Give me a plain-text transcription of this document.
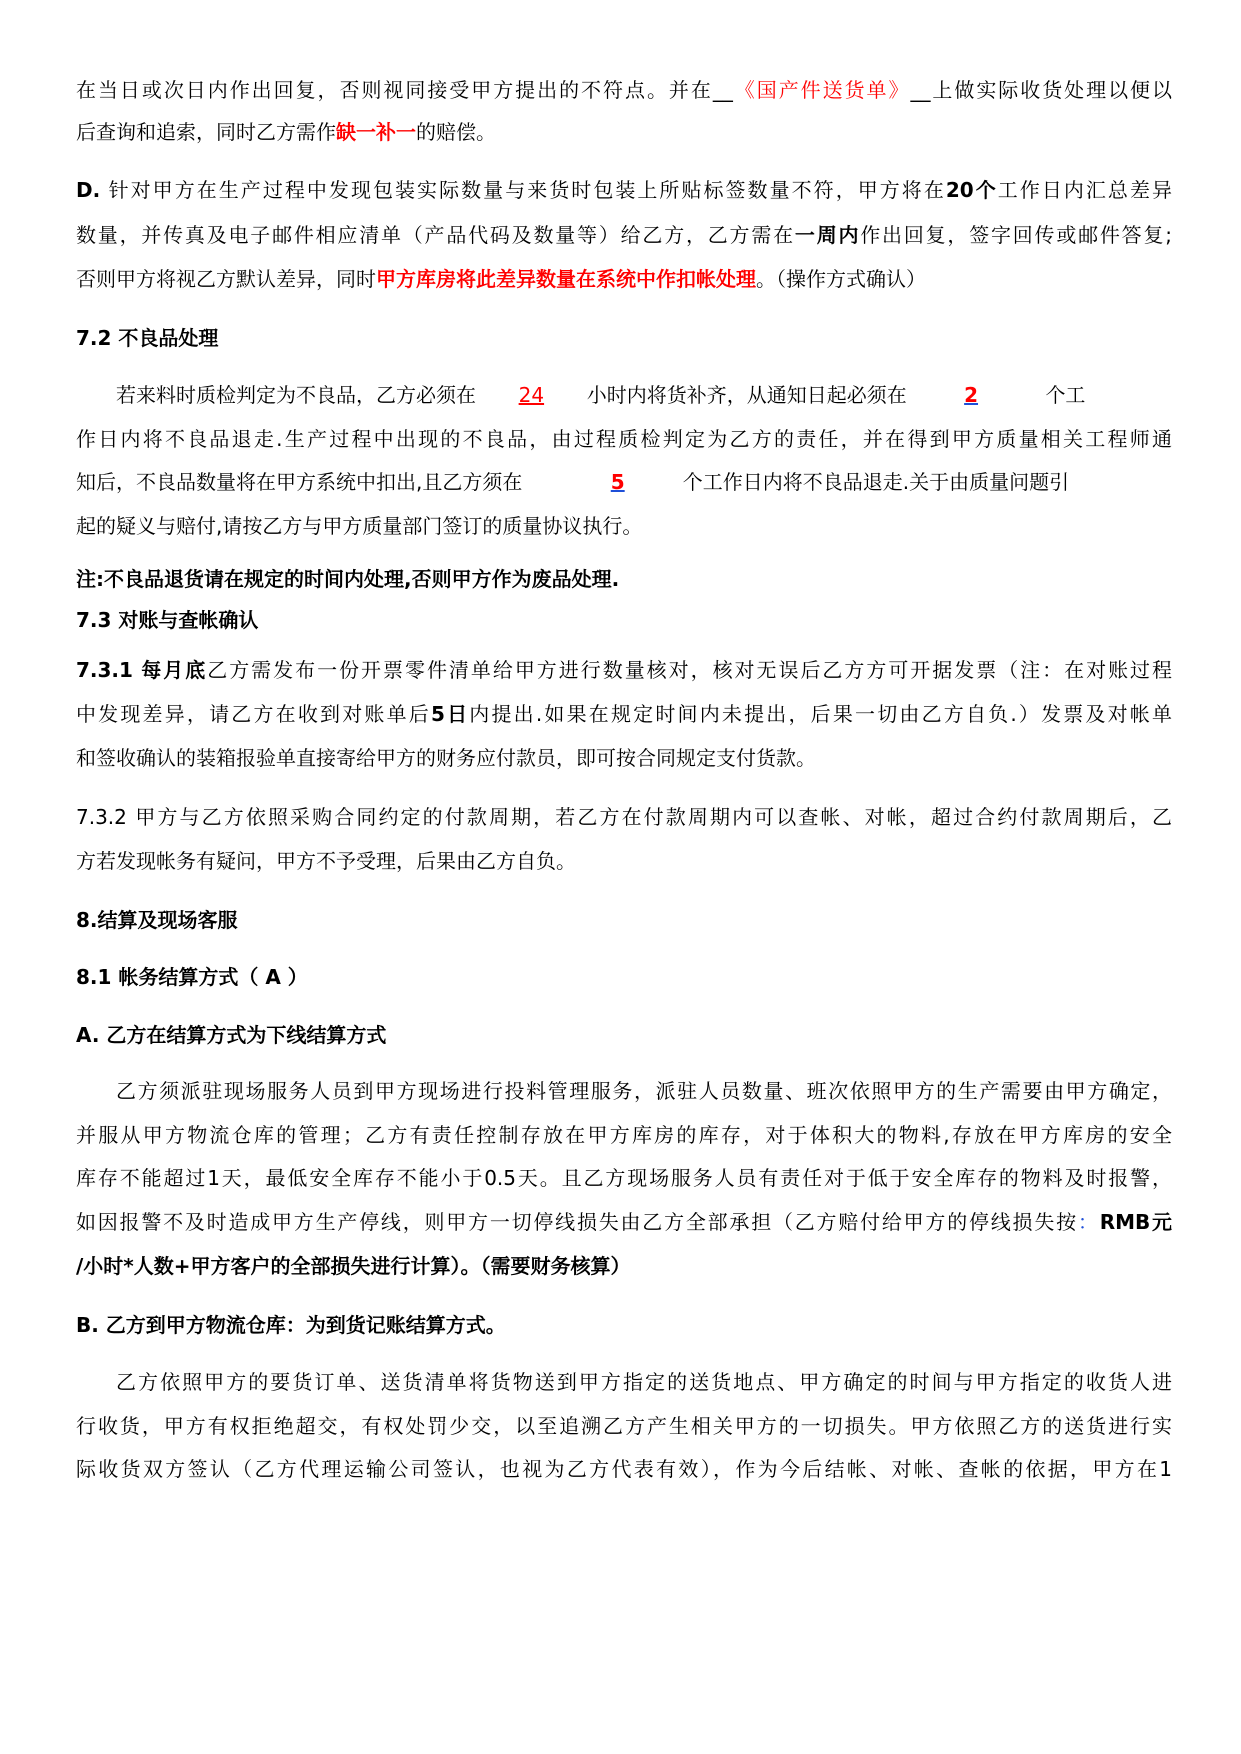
在当日或次日内作出回复，否则视同接受甲方提出的不符点。并在__《国产件送货单》__上做实际收货处理以便以
后查询和追索，同时乙方需作缺一补一的赔偿。
D. 针对甲方在生产过程中发现包装实际数量与来货时包装上所贴标签数量不符，甲方将在20个工作日内汇总差异
数量，并传真及电子邮件相应清单（产品代码及数量等）给乙方，乙方需在一周内作出回复，签字回传或邮件答复;
否则甲方将视乙方默认差异，同时甲方库房将此差异数量在系统中作扣帐处理。（操作方式确认）
7.2 不良品处理
若来料时质检判定为不良品，乙方必须在 24 小时内将货补齐，从通知日起必须在	2	个工
作日内将不良品退走.生产过程中出现的不良品，由过程质检判定为乙方的责任，并在得到甲方质量相关工程师通
知后，不良品数量将在甲方系统中扣出,且乙方须在	5	个工作日内将不良品退走.关于由质量问题引
起的疑义与赔付,请按乙方与甲方质量部门签订的质量协议执行。
注:不良品退货请在规定的时间内处理,否则甲方作为废品处理.
7.3 对账与查帐确认
7.3.1 每月底乙方需发布一份开票零件清单给甲方进行数量核对，核对无误后乙方方可开据发票（注：在对账过程
中发现差异，请乙方在收到对账单后5日内提出.如果在规定时间内未提出，后果一切由乙方自负.）发票及对帐单
和签收确认的装箱报验单直接寄给甲方的财务应付款员，即可按合同规定支付货款。
7.3.2 甲方与乙方依照采购合同约定的付款周期，若乙方在付款周期内可以查帐、对帐，超过合约付款周期后，乙
方若发现帐务有疑问，甲方不予受理，后果由乙方自负。
8.结算及现场客服
8.1 帐务结算方式（ A ）
A. 乙方在结算方式为下线结算方式
乙方须派驻现场服务人员到甲方现场进行投料管理服务，派驻人员数量、班次依照甲方的生产需要由甲方确定，
并服从甲方物流仓库的管理；乙方有责任控制存放在甲方库房的库存，对于体积大的物料,存放在甲方库房的安全
库存不能超过1天，最低安全库存不能小于0.5天。且乙方现场服务人员有责任对于低于安全库存的物料及时报警，
如因报警不及时造成甲方生产停线，则甲方一切停线损失由乙方全部承担（乙方赔付给甲方的停线损失按：RMB元
/小时*人数+甲方客户的全部损失进行计算）。（需要财务核算）
B. 乙方到甲方物流仓库：为到货记账结算方式。
乙方依照甲方的要货订单、送货清单将货物送到甲方指定的送货地点、甲方确定的时间与甲方指定的收货人进
行收货，甲方有权拒绝超交，有权处罚少交，以至追溯乙方产生相关甲方的一切损失。甲方依照乙方的送货进行实
际收货双方签认（乙方代理运输公司签认，也视为乙方代表有效），作为今后结帐、对帐、查帐的依据，甲方在1
